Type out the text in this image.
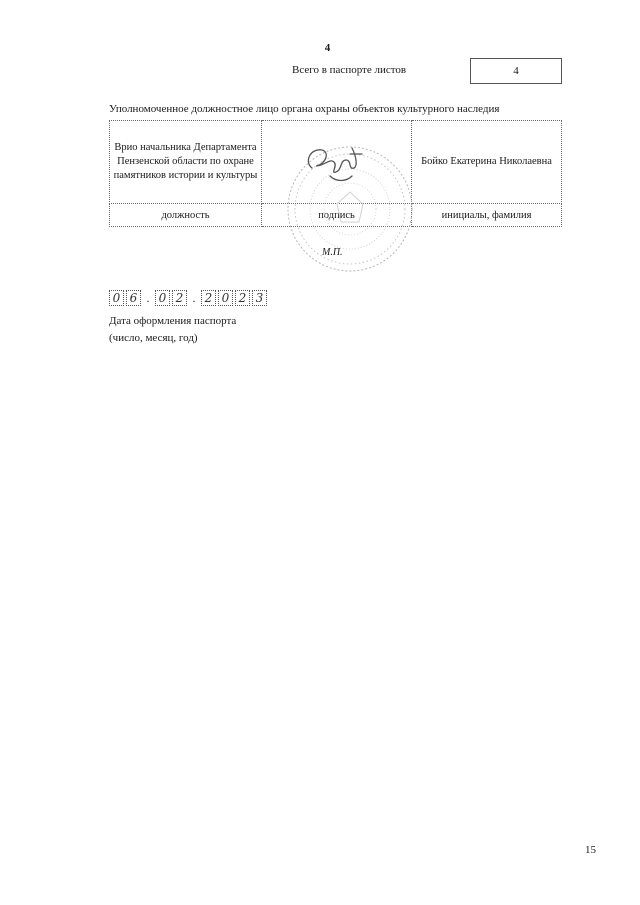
4
Всего в паспорте листов	4
Уполномоченное должностное лицо органа охраны объектов культурного наследия
Врио начальника Департамента Пензенской области по охране памятников истории и культуры		Бойко Екатерина Николаевна
должность	подпись	инициалы, фамилия
М.П.
0 6 . 0 2 . 2 0 2 3
Дата оформления паспорта
(число, месяц, год)
15
